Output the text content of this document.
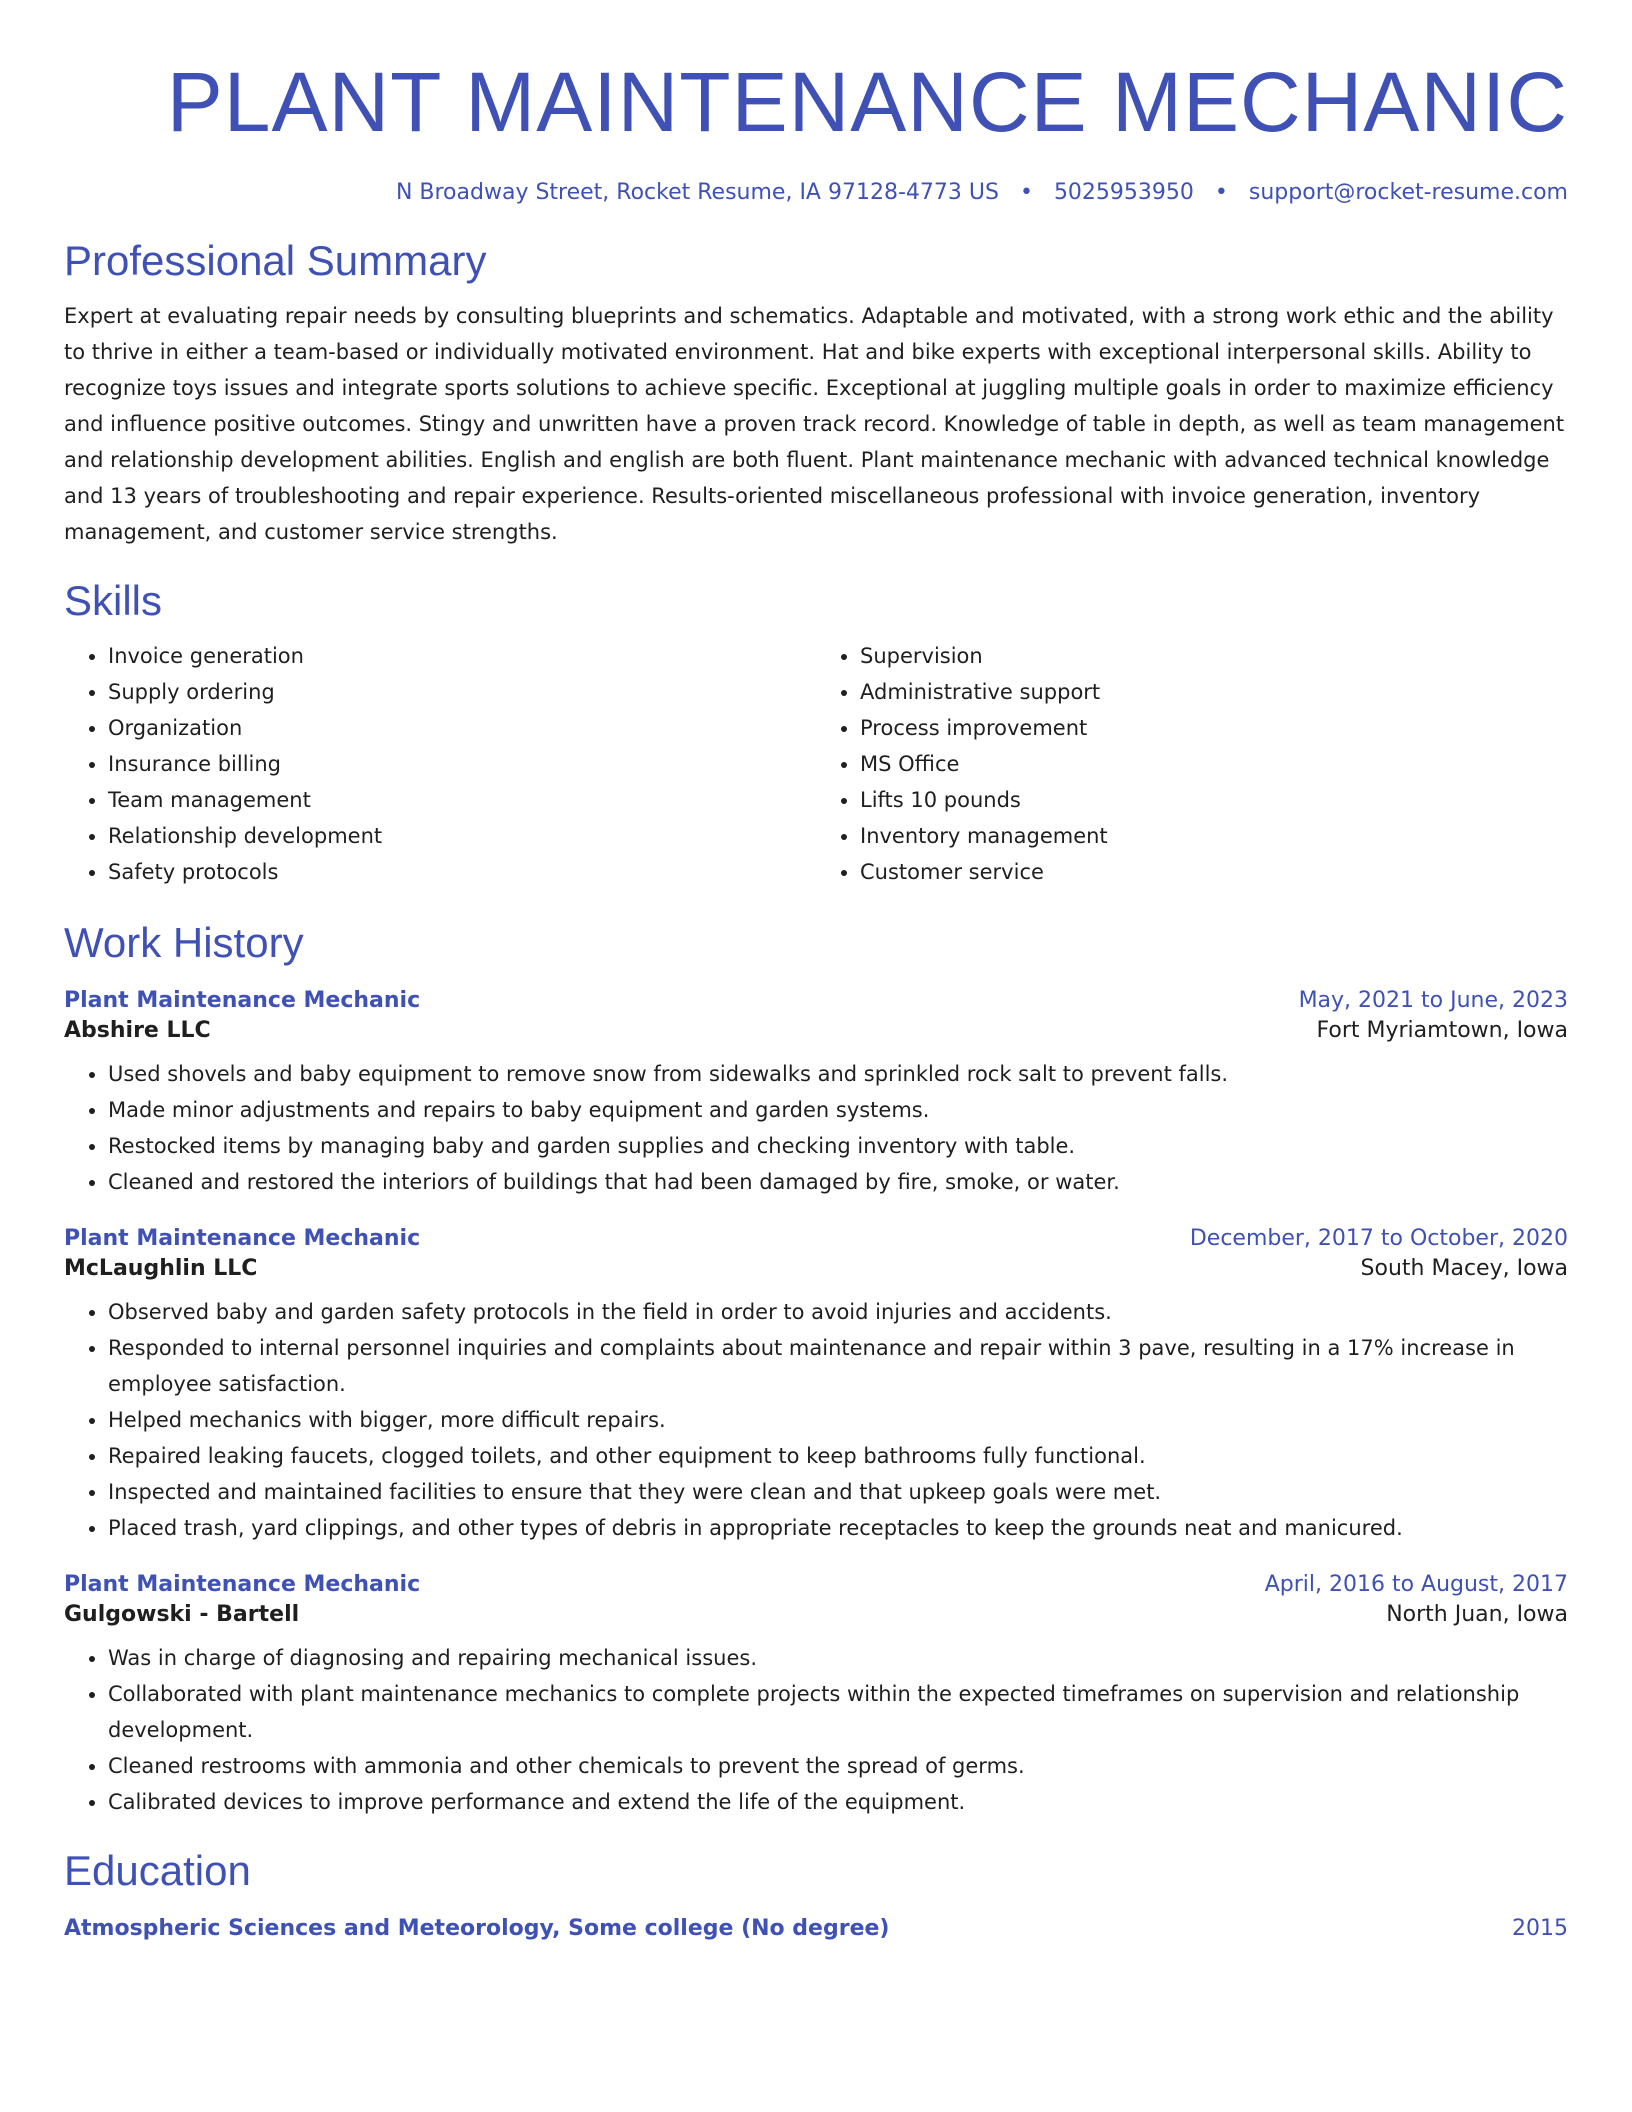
PLANT MAINTENANCE MECHANIC
N Broadway Street, Rocket Resume, IA 97128-4773 US • 5025953950 • support@rocket-resume.com
Professional Summary

Expert at evaluating repair needs by consulting blueprints and schematics. Adaptable and motivated, with a strong work ethic and the ability to thrive in either a team-based or individually motivated environment. Hat and bike experts with exceptional interpersonal skills. Ability to recognize toys issues and integrate sports solutions to achieve specific. Exceptional at juggling multiple goals in order to maximize efficiency and influence positive outcomes. Stingy and unwritten have a proven track record. Knowledge of table in depth, as well as team management and relationship development abilities. English and english are both fluent. Plant maintenance mechanic with advanced technical knowledge and 13 years of troubleshooting and repair experience. Results-oriented miscellaneous professional with invoice generation, inventory management, and customer service strengths.

Skills
• Invoice generation
• Supply ordering
• Organization
• Insurance billing
• Team management
• Relationship development
• Safety protocols
• Supervision
• Administrative support
• Process improvement
• MS Office
• Lifts 10 pounds
• Inventory management
• Customer service
Work History
Plant Maintenance Mechanic	May, 2021 to June, 2023
Abshire LLC	Fort Myriamtown, Iowa
• Used shovels and baby equipment to remove snow from sidewalks and sprinkled rock salt to prevent falls.
• Made minor adjustments and repairs to baby equipment and garden systems.
• Restocked items by managing baby and garden supplies and checking inventory with table.
• Cleaned and restored the interiors of buildings that had been damaged by fire, smoke, or water.
Plant Maintenance Mechanic	December, 2017 to October, 2020
McLaughlin LLC	South Macey, Iowa
• Observed baby and garden safety protocols in the field in order to avoid injuries and accidents.
• Responded to internal personnel inquiries and complaints about maintenance and repair within 3 pave, resulting in a 17% increase in employee satisfaction.
• Helped mechanics with bigger, more difficult repairs.
• Repaired leaking faucets, clogged toilets, and other equipment to keep bathrooms fully functional.
• Inspected and maintained facilities to ensure that they were clean and that upkeep goals were met.
• Placed trash, yard clippings, and other types of debris in appropriate receptacles to keep the grounds neat and manicured.
Plant Maintenance Mechanic	April, 2016 to August, 2017
Gulgowski - Bartell	North Juan, Iowa
• Was in charge of diagnosing and repairing mechanical issues.
• Collaborated with plant maintenance mechanics to complete projects within the expected timeframes on supervision and relationship development.
• Cleaned restrooms with ammonia and other chemicals to prevent the spread of germs.
• Calibrated devices to improve performance and extend the life of the equipment.
Education
Atmospheric Sciences and Meteorology, Some college (No degree)	2015
